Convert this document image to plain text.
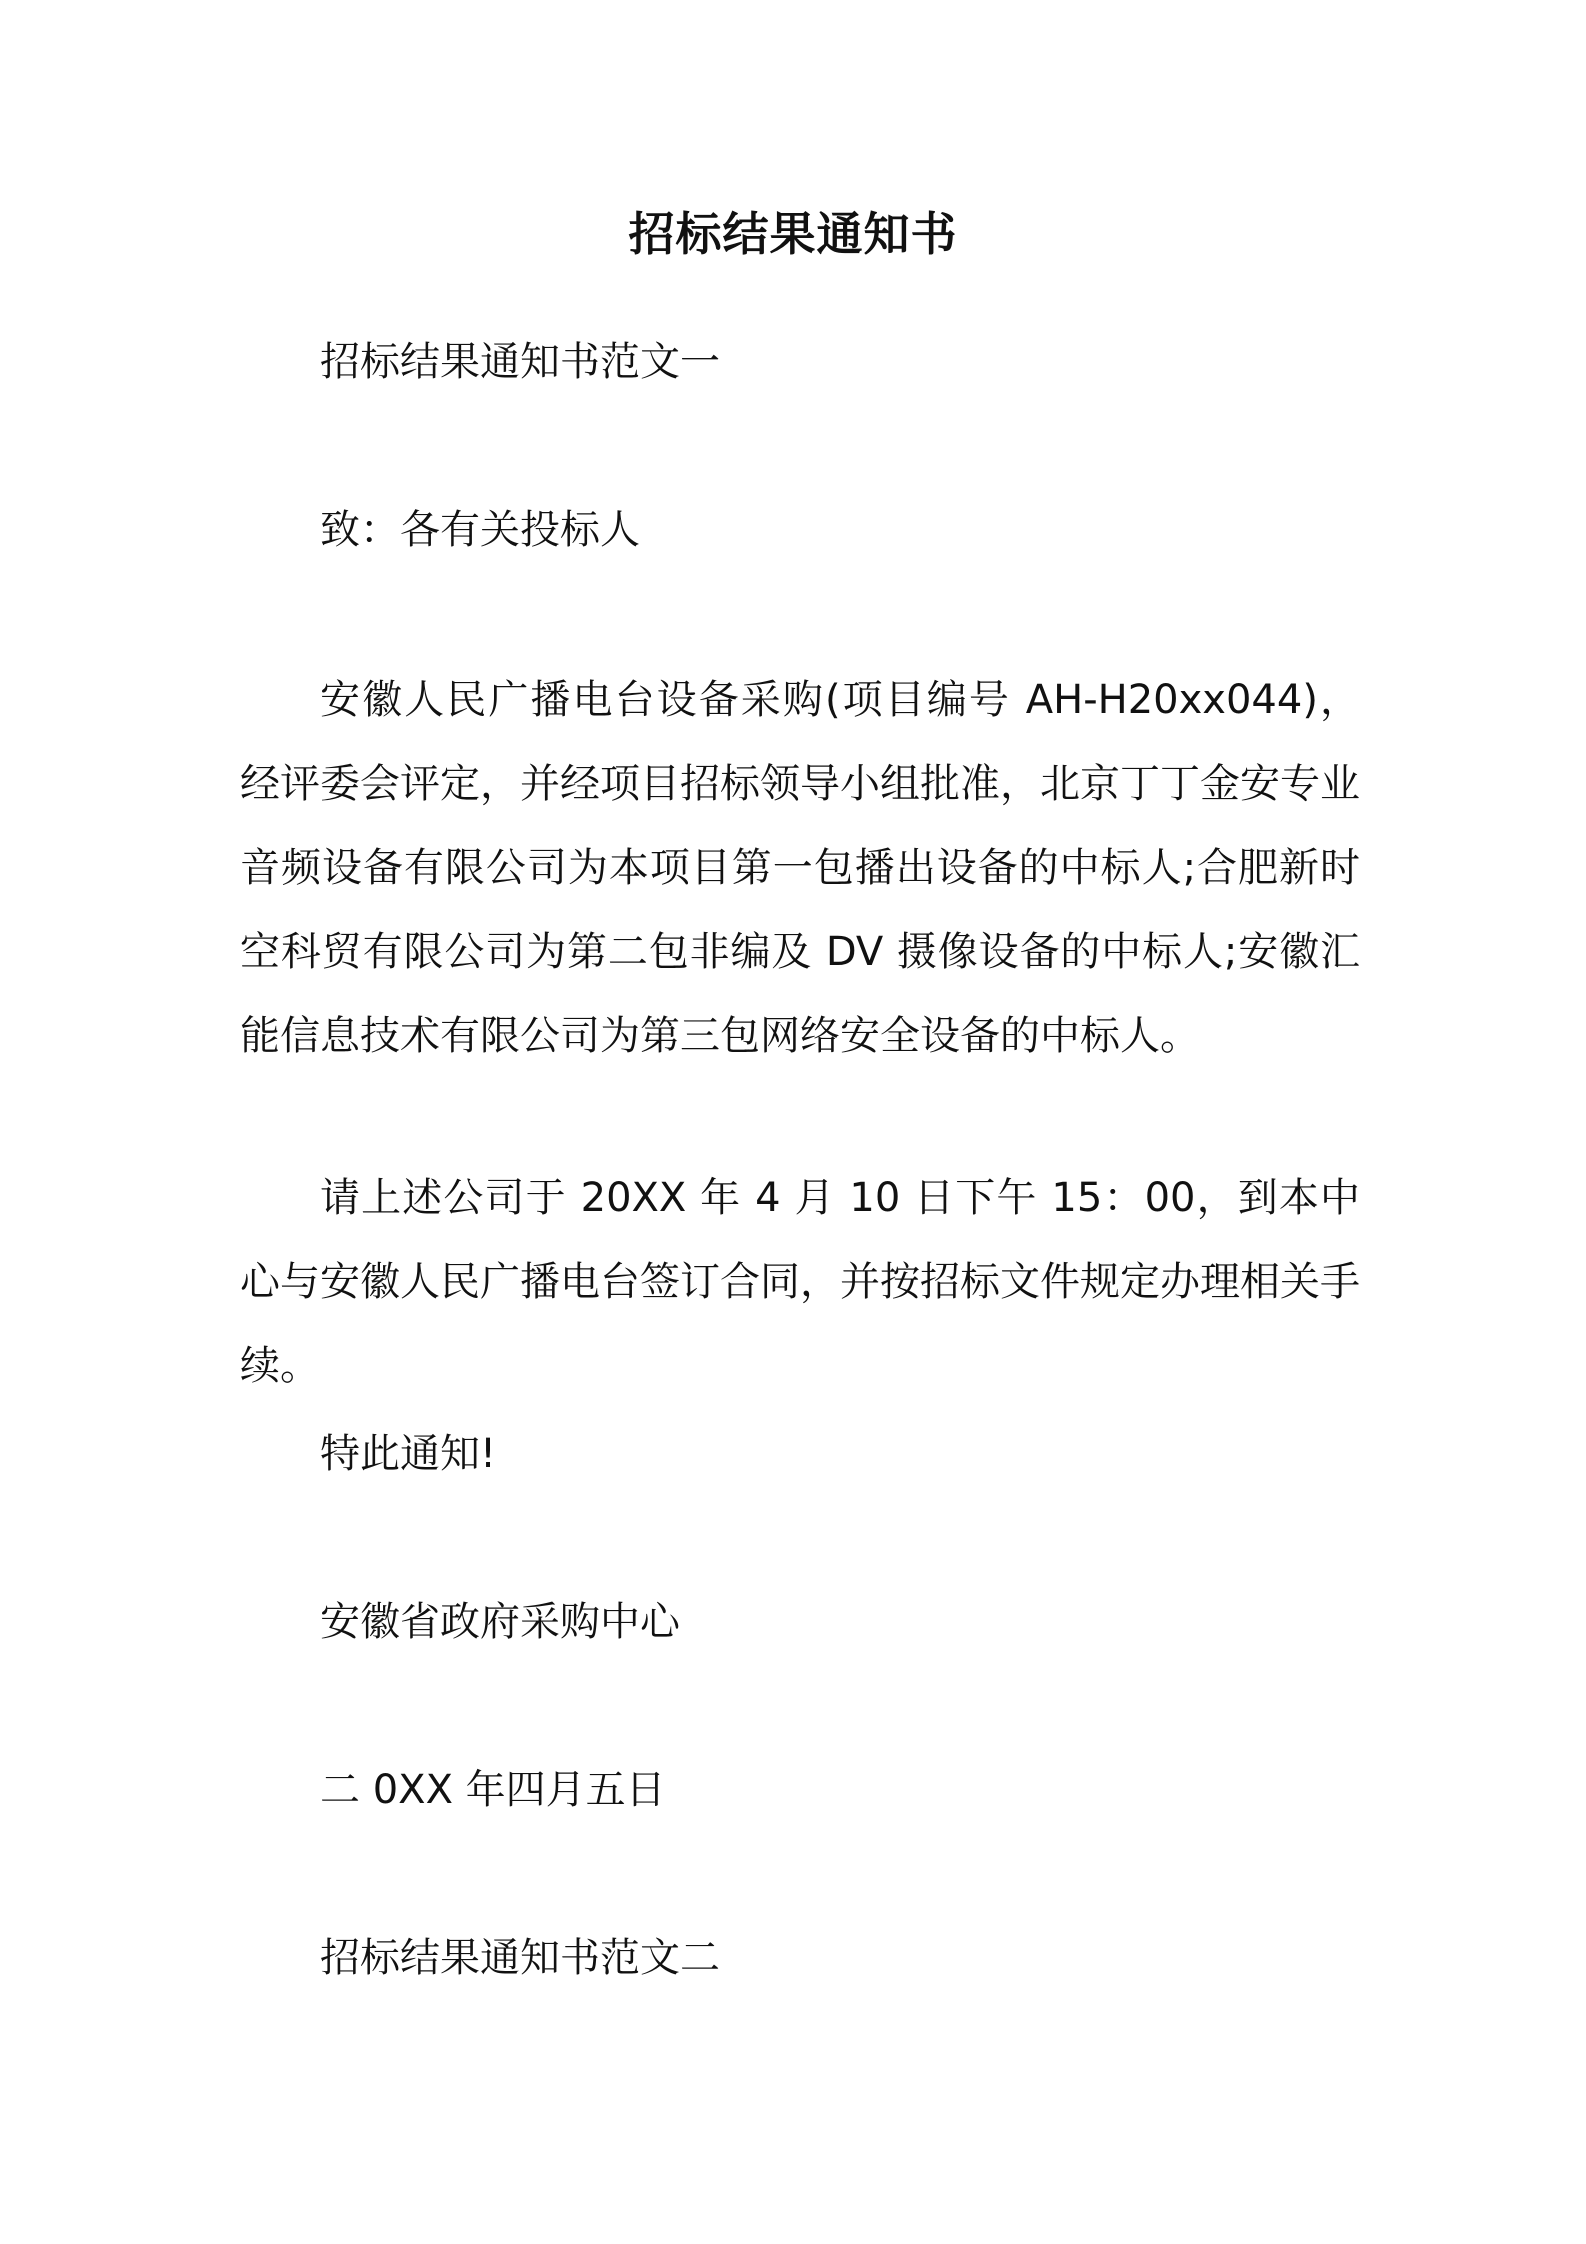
招标结果通知书
招标结果通知书范文一
致：各有关投标人
安徽人民广播电台设备采购(项目编号 AH-H20xx044)，经评委会评定，并经项目招标领导小组批准，北京丁丁金安专业音频设备有限公司为本项目第一包播出设备的中标人;合肥新时空科贸有限公司为第二包非编及 DV 摄像设备的中标人;安徽汇能信息技术有限公司为第三包网络安全设备的中标人。
请上述公司于 20XX 年 4 月 10 日下午 15：00，到本中心与安徽人民广播电台签订合同，并按招标文件规定办理相关手续。
特此通知!
安徽省政府采购中心
二 0XX 年四月五日
招标结果通知书范文二
